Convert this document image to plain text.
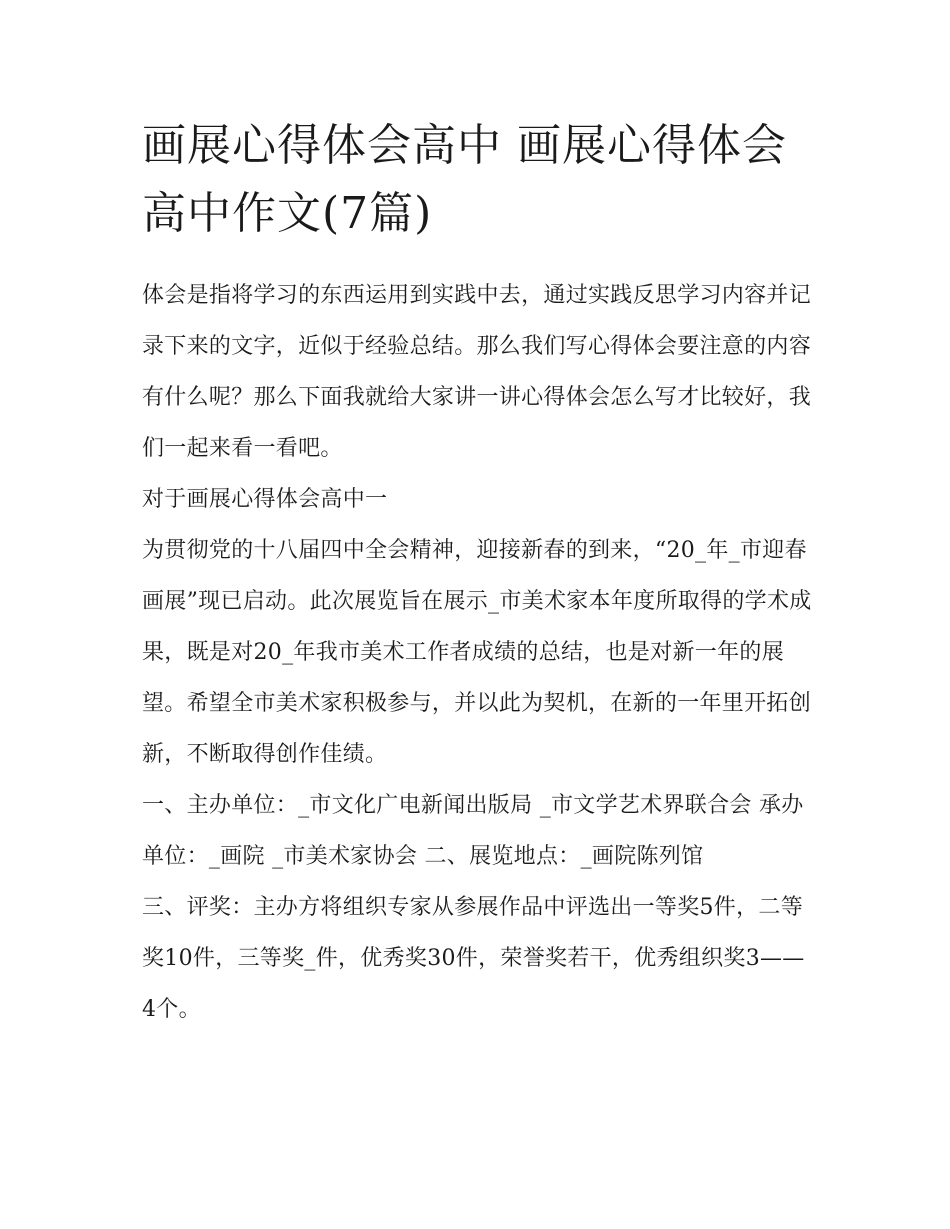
画展心得体会高中 画展心得体会高中作文(7篇)

体会是指将学习的东西运用到实践中去，通过实践反思学习内容并记录下来的文字，近似于经验总结。那么我们写心得体会要注意的内容有什么呢？那么下面我就给大家讲一讲心得体会怎么写才比较好，我们一起来看一看吧。

对于画展心得体会高中一

为贯彻党的十八届四中全会精神，迎接新春的到来，“20_年_市迎春画展”现已启动。此次展览旨在展示_市美术家本年度所取得的学术成果，既是对20_年我市美术工作者成绩的总结，也是对新一年的展望。希望全市美术家积极参与，并以此为契机，在新的一年里开拓创新，不断取得创作佳绩。

一、主办单位：_市文化广电新闻出版局 _市文学艺术界联合会 承办单位：_画院 _市美术家协会 二、展览地点：_画院陈列馆

三、评奖：主办方将组织专家从参展作品中评选出一等奖5件，二等奖10件，三等奖_件，优秀奖30件，荣誉奖若干，优秀组织奖3——4个。
